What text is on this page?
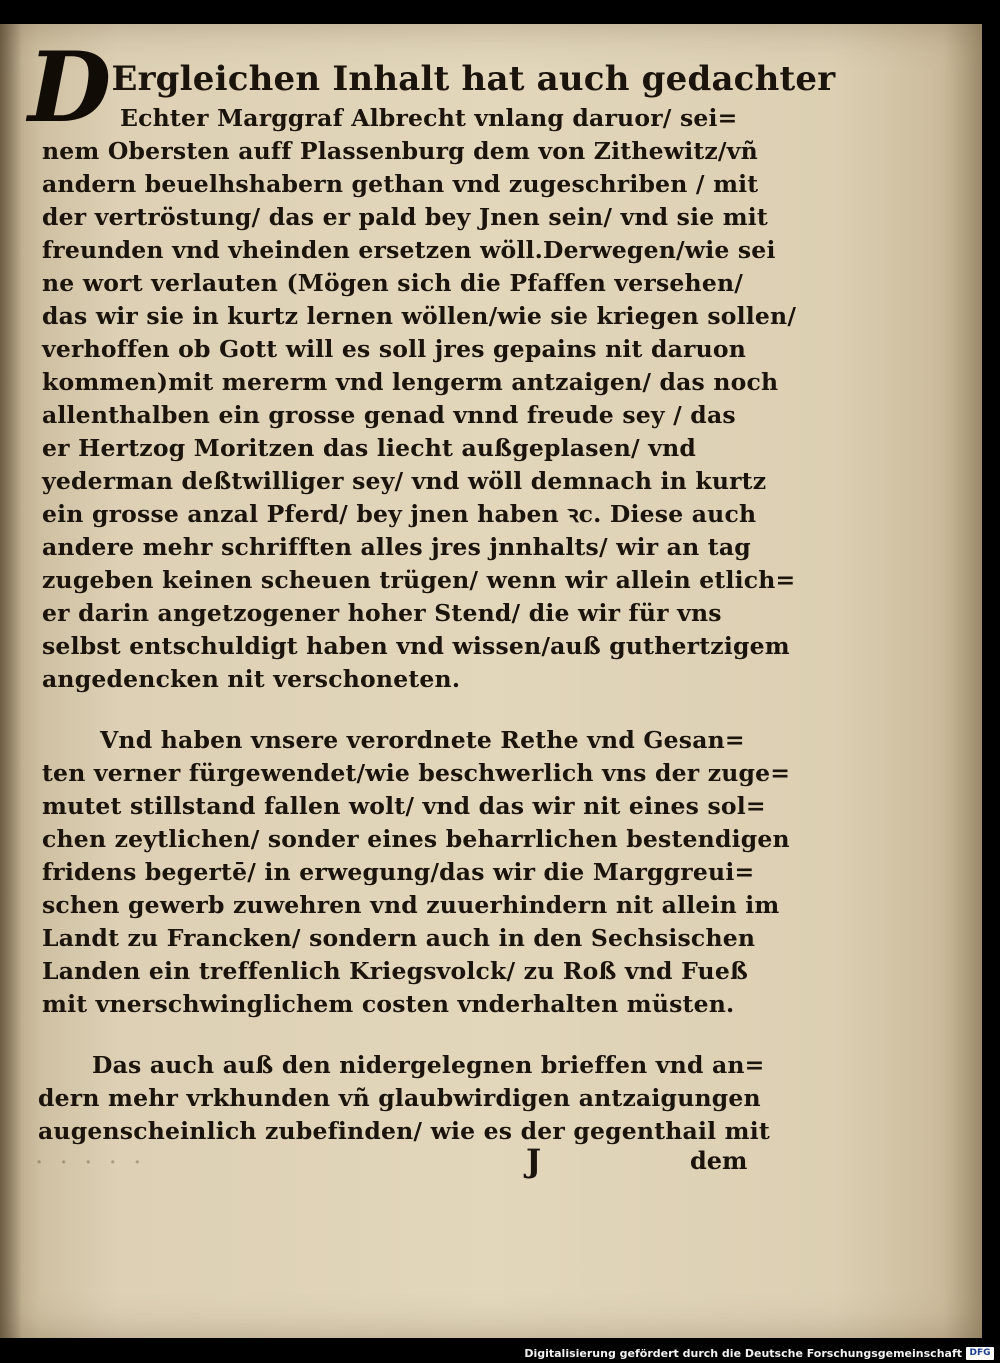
D Ergleichen Inhalt hat auch gedachter
Echter Marggraf Albrecht vnlang daruor/ sei=
nem Obersten auff Plassenburg dem von Zithewitz/vñ
andern beuelhshabern gethan vnd zugeschriben / mit
der vertröstung/ das er pald bey Jnen sein/ vnd sie mit
freunden vnd vheinden ersetzen wöll.Derwegen/wie sei
ne wort verlauten (Mögen sich die Pfaffen versehen/
das wir sie in kurtz lernen wöllen/wie sie kriegen sollen/
verhoffen ob Gott will es soll jres gepains nit daruon
kommen)mit mererm vnd lengerm antzaigen/ das noch
allenthalben ein grosse genad vnnd freude sey / das
er Hertzog Moritzen das liecht außgeplasen/ vnd
yederman deßtwilliger sey/ vnd wöll demnach in kurtz
ein grosse anzal Pferd/ bey jnen haben ꝛc. Diese auch
andere mehr schrifften alles jres jnnhalts/ wir an tag
zugeben keinen scheuen trügen/ wenn wir allein etlich=
er darin angetzogener hoher Stend/ die wir für vns
selbst entschuldigt haben vnd wissen/auß guthertzigem
angedencken nit verschoneten.
Vnd haben vnsere verordnete Rethe vnd Gesan=
ten verner fürgewendet/wie beschwerlich vns der zuge=
mutet stillstand fallen wolt/ vnd das wir nit eines sol=
chen zeytlichen/ sonder eines beharrlichen bestendigen
fridens begertē/ in erwegung/das wir die Marggreui=
schen gewerb zuwehren vnd zuuerhindern nit allein im
Landt zu Francken/ sondern auch in den Sechsischen
Landen ein treffenlich Kriegsvolck/ zu Roß vnd Fueß
mit vnerschwinglichem costen vnderhalten müsten.
Das auch auß den nidergelegnen brieffen vnd an=
dern mehr vrkhunden vñ glaubwirdigen antzaigungen
augenscheinlich zubefinden/ wie es der gegenthail mit
· · · · ·	J	dem
Digitalisierung gefördert durch die Deutsche Forschungsgemeinschaft DFG
